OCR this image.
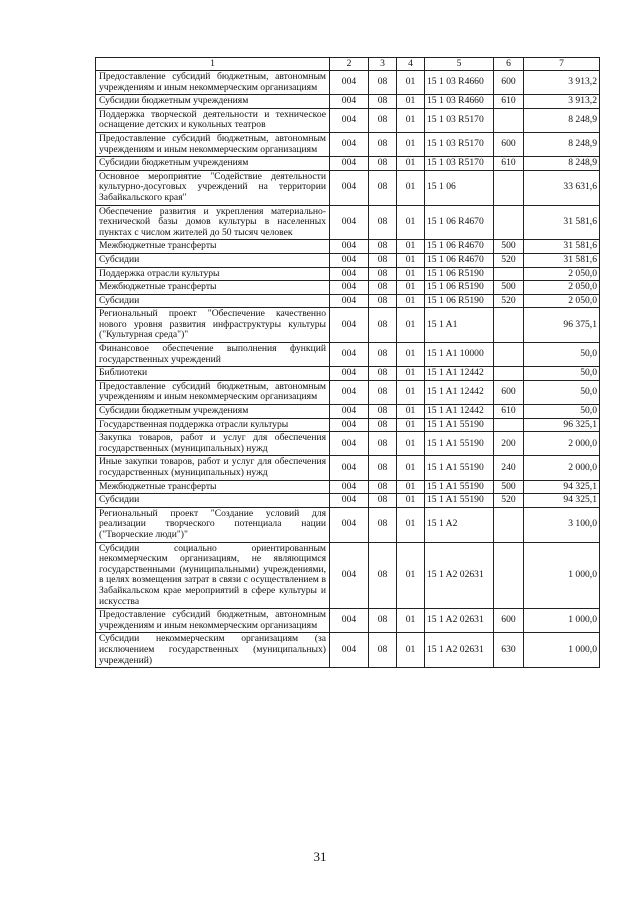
1	2	3	4	5	6	7
Предоставление субсидий бюджетным, автономным учреждениям и иным некоммерческим организациям	004	08	01	15 1 03 R4660	600	3 913,2
Субсидии бюджетным учреждениям	004	08	01	15 1 03 R4660	610	3 913,2
Поддержка творческой деятельности и техническое оснащение детских и кукольных театров	004	08	01	15 1 03 R5170		8 248,9
Предоставление субсидий бюджетным, автономным учреждениям и иным некоммерческим организациям	004	08	01	15 1 03 R5170	600	8 248,9
Субсидии бюджетным учреждениям	004	08	01	15 1 03 R5170	610	8 248,9
Основное мероприятие "Содействие деятельности культурно-досуговых учреждений на территории Забайкальского края"	004	08	01	15 1 06		33 631,6
Обеспечение развития и укрепления материально-технической базы домов культуры в населенных пунктах с числом жителей до 50 тысяч человек	004	08	01	15 1 06 R4670		31 581,6
Межбюджетные трансферты	004	08	01	15 1 06 R4670	500	31 581,6
Субсидии	004	08	01	15 1 06 R4670	520	31 581,6
Поддержка отрасли культуры	004	08	01	15 1 06 R5190		2 050,0
Межбюджетные трансферты	004	08	01	15 1 06 R5190	500	2 050,0
Субсидии	004	08	01	15 1 06 R5190	520	2 050,0
Региональный проект "Обеспечение качественно нового уровня развития инфраструктуры культуры ("Культурная среда")"	004	08	01	15 1 A1		96 375,1
Финансовое обеспечение выполнения функций государственных учреждений	004	08	01	15 1 A1 10000		50,0
Библиотеки	004	08	01	15 1 A1 12442		50,0
Предоставление субсидий бюджетным, автономным учреждениям и иным некоммерческим организациям	004	08	01	15 1 A1 12442	600	50,0
Субсидии бюджетным учреждениям	004	08	01	15 1 A1 12442	610	50,0
Государственная поддержка отрасли культуры	004	08	01	15 1 A1 55190		96 325,1
Закупка товаров, работ и услуг для обеспечения государственных (муниципальных) нужд	004	08	01	15 1 A1 55190	200	2 000,0
Иные закупки товаров, работ и услуг для обеспечения государственных (муниципальных) нужд	004	08	01	15 1 A1 55190	240	2 000,0
Межбюджетные трансферты	004	08	01	15 1 A1 55190	500	94 325,1
Субсидии	004	08	01	15 1 A1 55190	520	94 325,1
Региональный проект "Создание условий для реализации творческого потенциала нации ("Творческие люди")"	004	08	01	15 1 A2		3 100,0
Субсидии социально ориентированным некоммерческим организациям, не являющимся государственными (муниципальными) учреждениями, в целях возмещения затрат в связи с осуществлением в Забайкальском крае мероприятий в сфере культуры и искусства	004	08	01	15 1 A2 02631		1 000,0
Предоставление субсидий бюджетным, автономным учреждениям и иным некоммерческим организациям	004	08	01	15 1 A2 02631	600	1 000,0
Субсидии некоммерческим организациям (за исключением государственных (муниципальных) учреждений)	004	08	01	15 1 A2 02631	630	1 000,0
31
